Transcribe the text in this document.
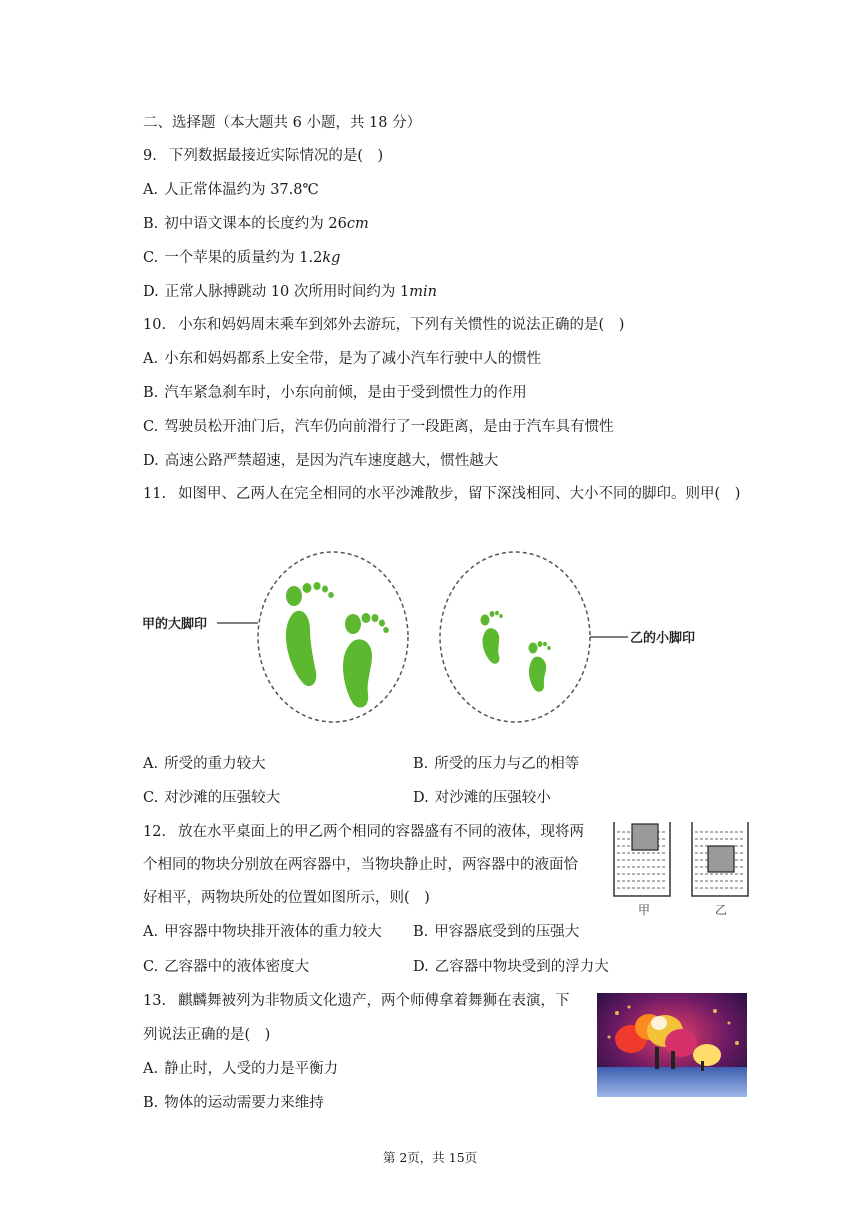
二、选择题（本大题共 6 小题，共 18 分）
9. 下列数据最接近实际情况的是(　)
A. 人正常体温约为 37.8℃
B. 初中语文课本的长度约为 26cm
C. 一个苹果的质量约为 1.2kg
D. 正常人脉搏跳动 10 次所用时间约为 1min
10. 小东和妈妈周末乘车到郊外去游玩，下列有关惯性的说法正确的是(　)
A. 小东和妈妈都系上安全带，是为了减小汽车行驶中人的惯性
B. 汽车紧急刹车时，小东向前倾，是由于受到惯性力的作用
C. 驾驶员松开油门后，汽车仍向前滑行了一段距离，是由于汽车具有惯性
D. 高速公路严禁超速，是因为汽车速度越大，惯性越大
11. 如图甲、乙两人在完全相同的水平沙滩散步，留下深浅相同、大小不同的脚印。则甲(　)
甲的大脚印
乙的小脚印
A. 所受的重力较大	B. 所受的压力与乙的相等
C. 对沙滩的压强较大	D. 对沙滩的压强较小
12. 放在水平桌面上的甲乙两个相同的容器盛有不同的液体，现将两
个相同的物块分别放在两容器中，当物块静止时，两容器中的液面恰
好相平，两物块所处的位置如图所示，则(　)
甲	乙
A. 甲容器中物块排开液体的重力较大 B. 甲容器底受到的压强大
C. 乙容器中的液体密度大	D. 乙容器中物块受到的浮力大
13. 麒麟舞被列为非物质文化遗产，两个师傅拿着舞狮在表演，下
列说法正确的是(　)
A. 静止时，人受的力是平衡力
B. 物体的运动需要力来维持
第 2页，共 15页
